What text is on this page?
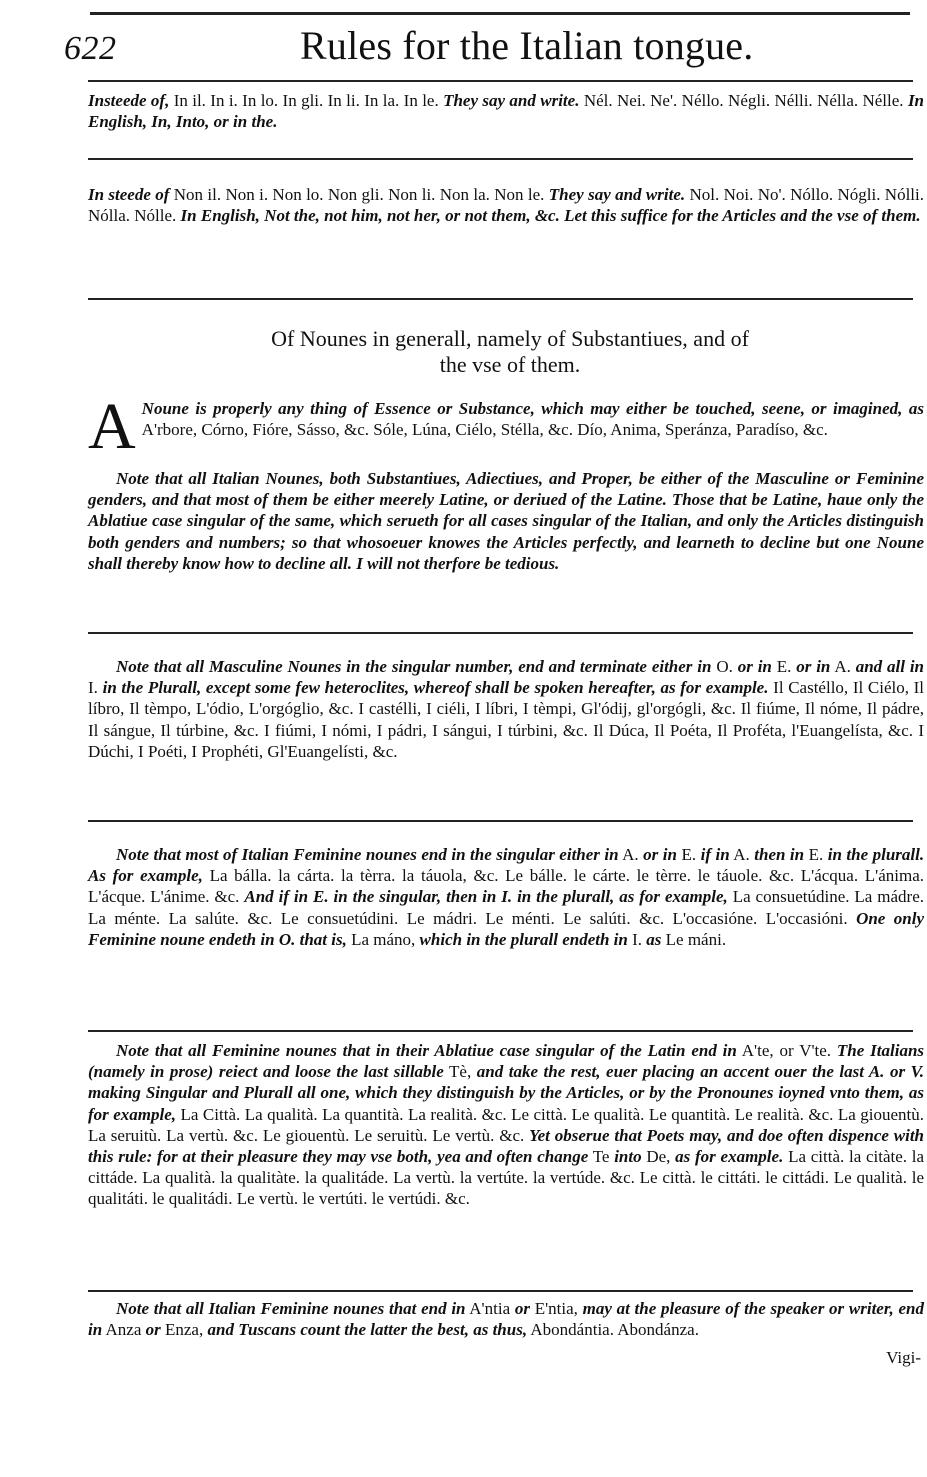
622	Rules for the Italian tongue.
Insteede of, In il. In i. In lo. In gli. In li. In la. In le. They say and write. Nél. Nei. Ne'. Néllo. Négli. Nélli. Nélla. Nélle. In English, In, Into, or in the.
In steede of Non il. Non i. Non lo. Non gli. Non li. Non la. Non le. They say and write. Nol. Noi. No'. Nóllo. Nógli. Nólli. Nólla. Nólle. In English, Not the, not him, not her, or not them, &c. Let this suffice for the Articles and the vse of them.
Of Nounes in generall, namely of Substantiues, and of
the vse of them.
A Noune is properly any thing of Essence or Substance, which may either be touched, seene, or imagined, as A'rbore, Córno, Fióre, Sásso, &c. Sóle, Lúna, Ciélo, Stélla, &c. Dío, Anima, Speránza, Paradíso, &c.
Note that all Italian Nounes, both Substantiues, Adiectiues, and Proper, be either of the Masculine or Feminine genders, and that most of them be either meerely Latine, or deriued of the Latine. Those that be Latine, haue only the Ablatiue case singular of the same, which serueth for all cases singular of the Italian, and only the Articles distinguish both genders and numbers; so that whosoeuer knowes the Articles perfectly, and learneth to decline but one Noune shall thereby know how to decline all. I will not therfore be tedious.
Note that all Masculine Nounes in the singular number, end and terminate either in O. or in E. or in A. and all in I. in the Plurall, except some few heteroclites, whereof shall be spoken hereafter, as for example. Il Castéllo, Il Ciélo, Il líbro, Il tèmpo, L'ódio, L'orgóglio, &c. I castélli, I ciéli, I líbri, I tèmpi, Gl'ódij, gl'orgógli, &c. Il fiúme, Il nóme, Il pádre, Il sángue, Il túrbine, &c. I fiúmi, I nómi, I pádri, I sángui, I túrbini, &c. Il Dúca, Il Poéta, Il Proféta, l'Euangelísta, &c. I Dúchi, I Poéti, I Prophéti, Gl'Euangelísti, &c.
Note that most of Italian Feminine nounes end in the singular either in A. or in E. if in A. then in E. in the plurall. As for example, La bálla. la cárta. la tèrra. la táuola, &c. Le bálle. le cárte. le tèrre. le táuole. &c. L'ácqua. L'ánima. L'ácque. L'ánime. &c. And if in E. in the singular, then in I. in the plurall, as for example, La consuetúdine. La mádre. La ménte. La salúte. &c. Le consuetúdini. Le mádri. Le ménti. Le salúti. &c. L'occasióne. L'occasióni. One only Feminine noune endeth in O. that is, La máno, which in the plurall endeth in I. as Le máni.
Note that all Feminine nounes that in their Ablatiue case singular of the Latin end in A'te, or V'te. The Italians (namely in prose) reiect and loose the last sillable Tè, and take the rest, euer placing an accent ouer the last A. or V. making Singular and Plurall all one, which they distinguish by the Articles, or by the Pronounes ioyned vnto them, as for example, La Città. La qualità. La quantità. La realità. &c. Le città. Le qualità. Le quantità. Le realità. &c. La giouentù. La seruitù. La vertù. &c. Le giouentù. Le seruitù. Le vertù. &c. Yet obserue that Poets may, and doe often dispence with this rule: for at their pleasure they may vse both, yea and often change Te into De, as for example. La città. la citàte. la cittáde. La qualità. la qualitàte. la qualitáde. La vertù. la vertúte. la vertúde. &c. Le città. le cittáti. le cittádi. Le qualità. le qualitáti. le qualitádi. Le vertù. le vertúti. le vertúdi. &c.
Note that all Italian Feminine nounes that end in A'ntia or E'ntia, may at the pleasure of the speaker or writer, end in Anza or Enza, and Tuscans count the latter the best, as thus, Abondántia. Abondánza.
Vigi-
